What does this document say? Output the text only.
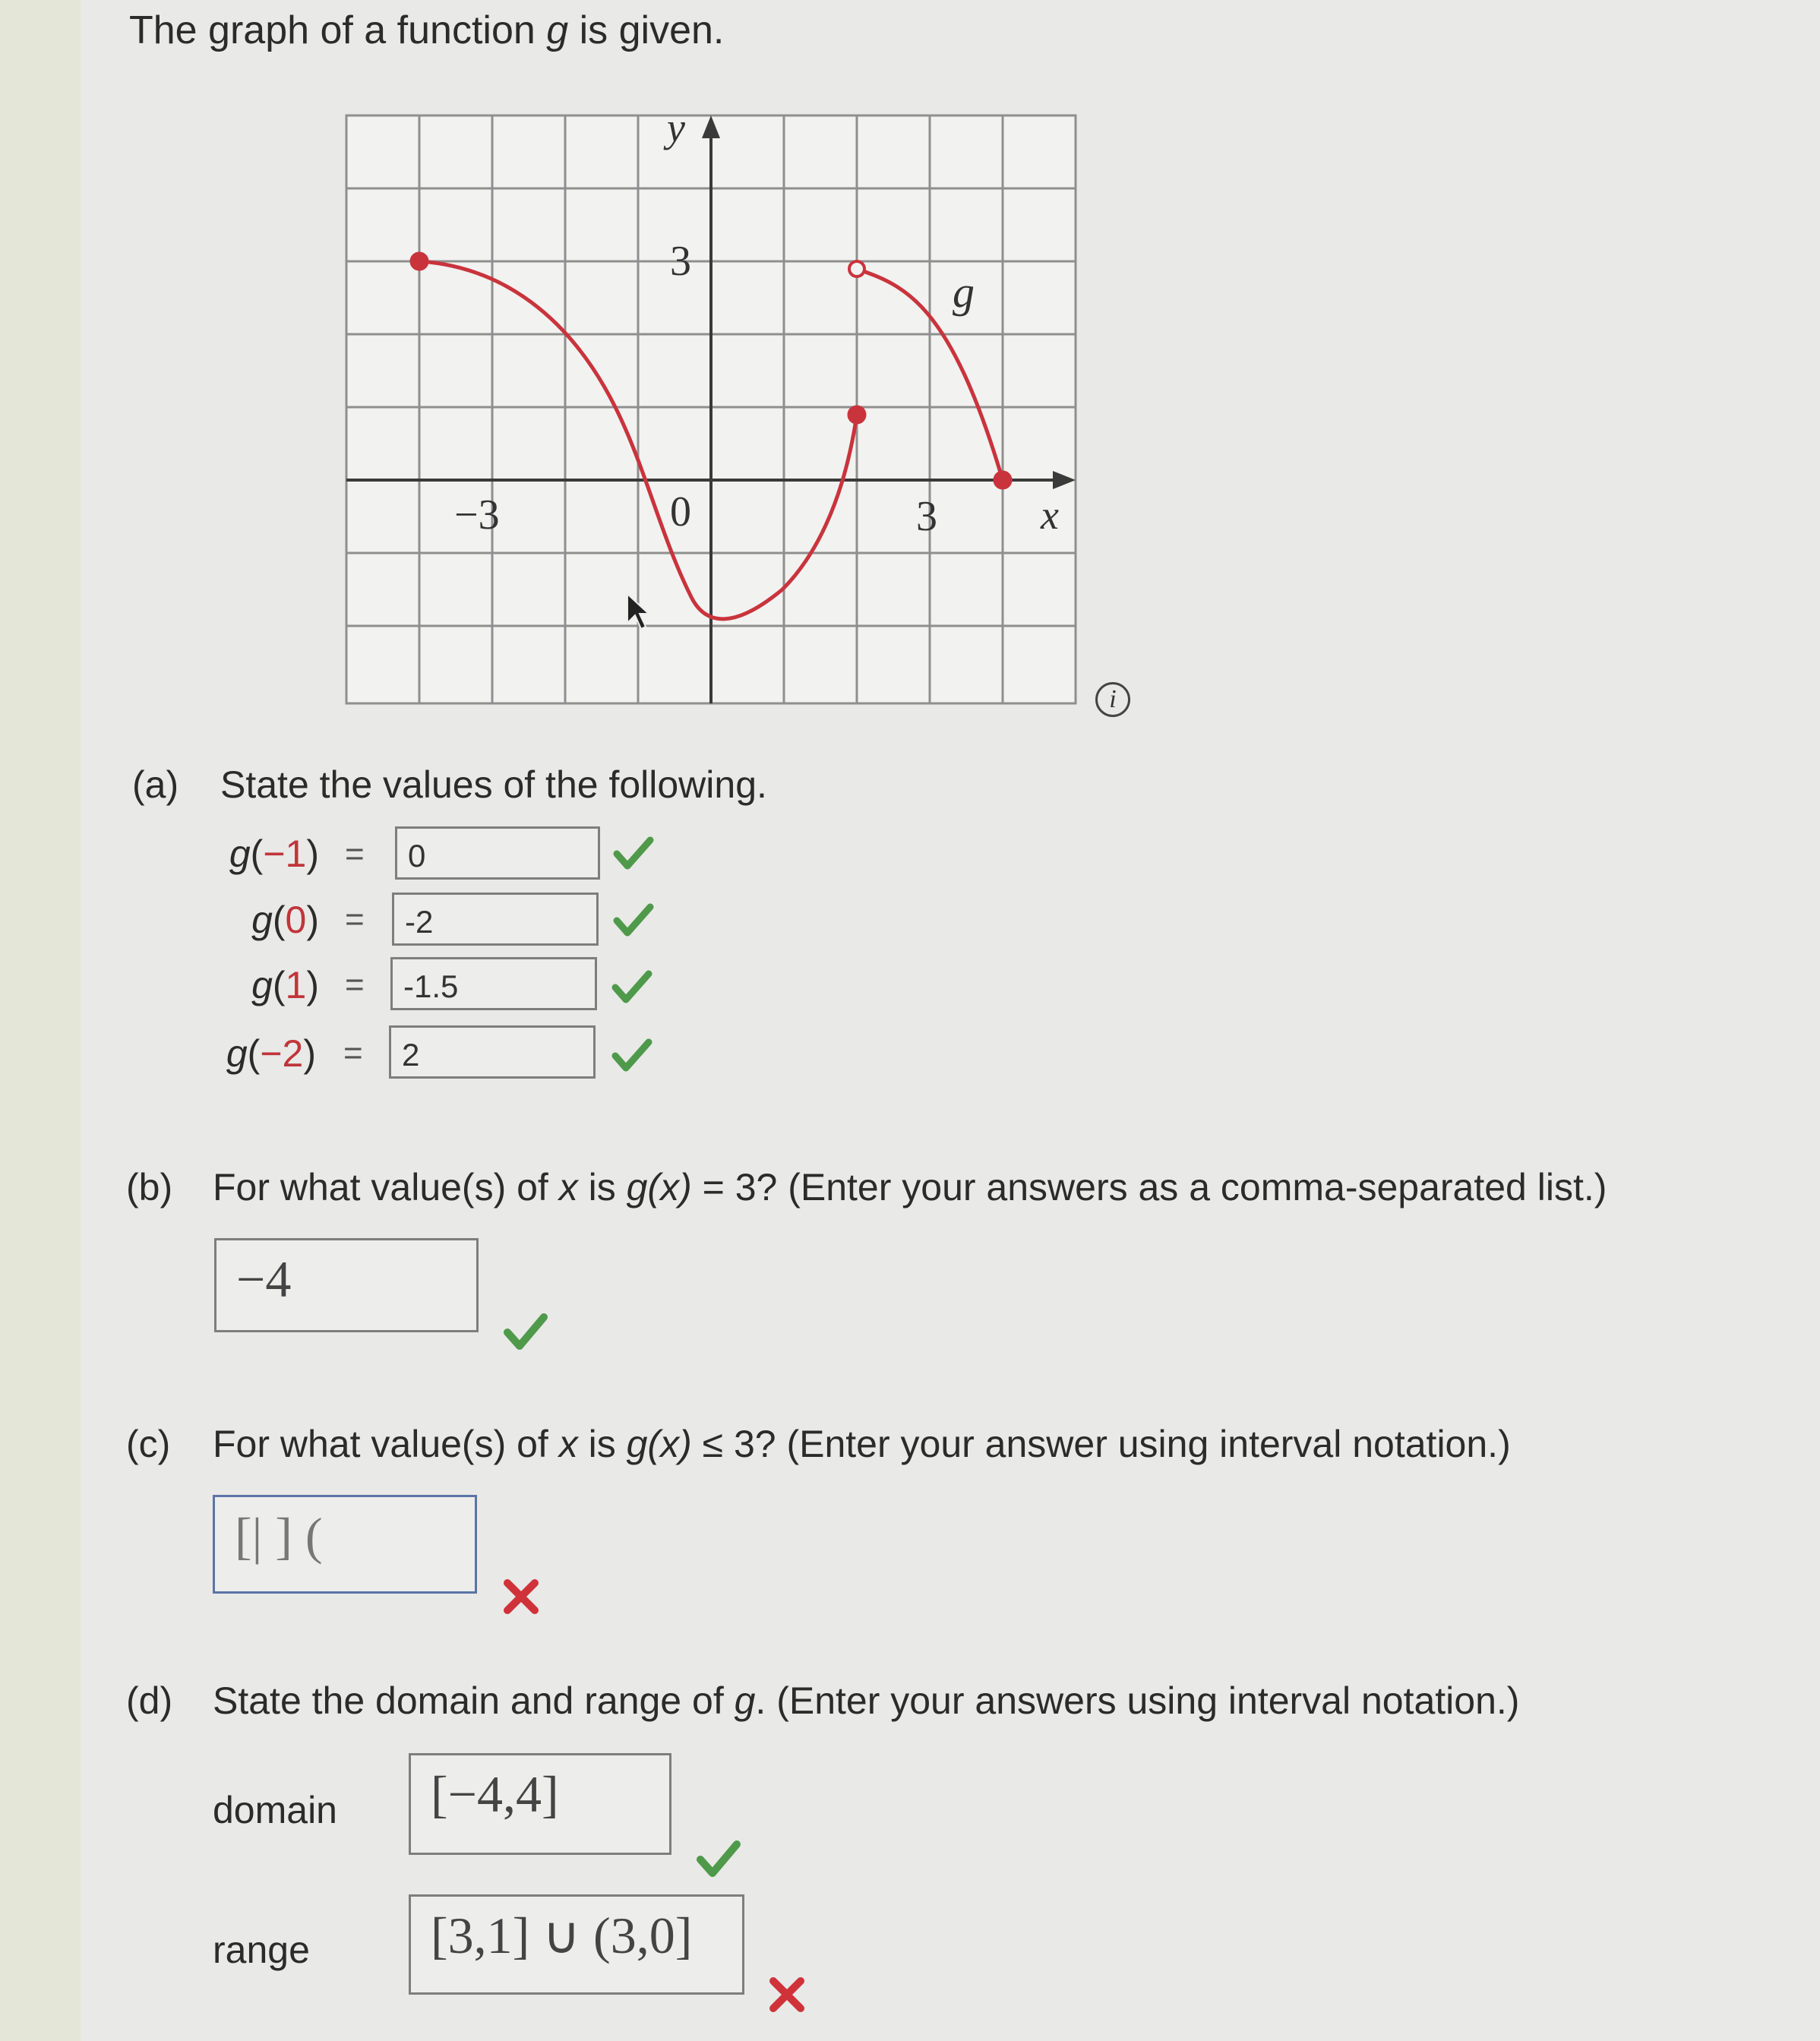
The graph of a function g is given.
y
x
−3	0	3
3
g
i
(a) State the values of the following.
g(−1) = 0
g(0) = -2
g(1) = -1.5
g(−2) = 2
(b) For what value(s) of x is g(x) = 3? (Enter your answers as a comma-separated list.)
−4
(c) For what value(s) of x is g(x) ≤ 3? (Enter your answer using interval notation.)
[| ] (
(d) State the domain and range of g. (Enter your answers using interval notation.)
domain [−4,4]
range [3,1] ∪ (3,0]
